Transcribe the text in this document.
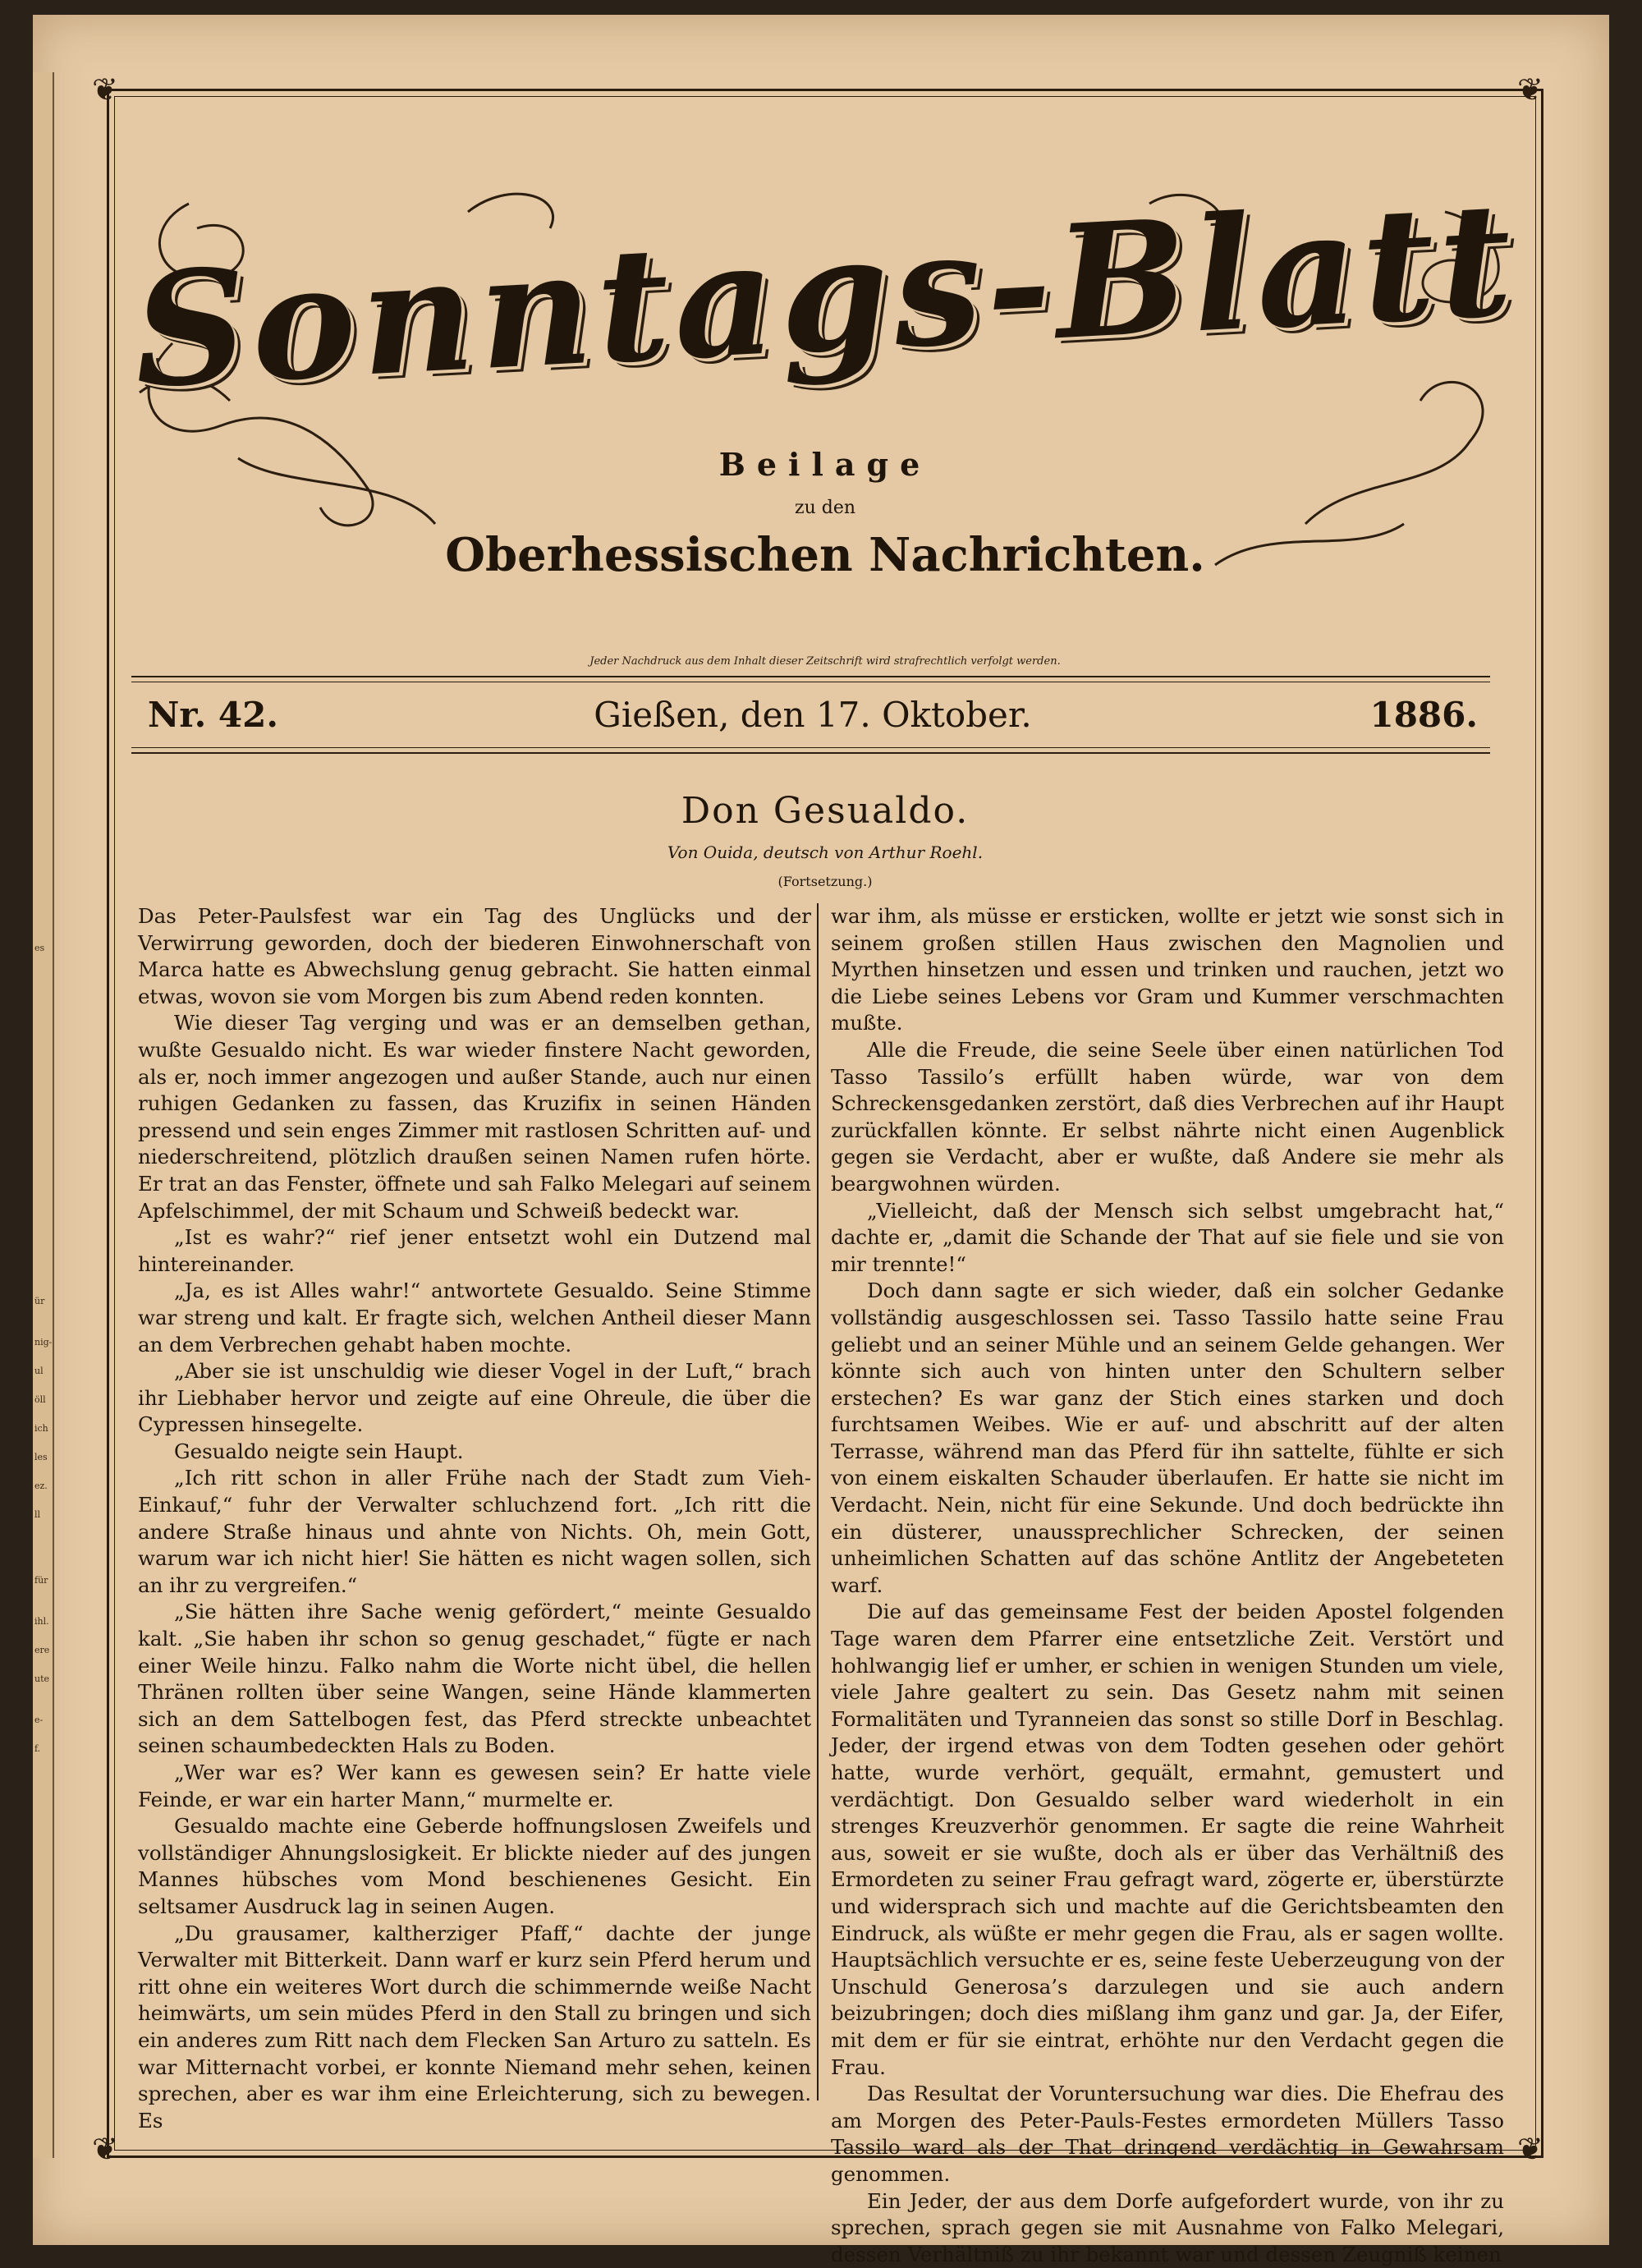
es
ür
nig-
ul
öll
ich
les
ez.
ll
für
ihl.
ere
ute
e-
f.
❦	❦
❦	❦
Sonntags-Blatt
Beilage
zu den
Oberhessischen Nachrichten.
Jeder Nachdruck aus dem Inhalt dieser Zeitschrift wird strafrechtlich verfolgt werden.
Nr. 42.	Gießen, den 17. Oktober.	1886.
Don Gesualdo.
Von Ouida, deutsch von Arthur Roehl.
(Fortsetzung.)

Das Peter-Paulsfest war ein Tag des Unglücks und der Verwirrung geworden, doch der biederen Einwohnerschaft von Marca hatte es Abwechslung genug gebracht. Sie hatten einmal etwas, wovon sie vom Morgen bis zum Abend reden konnten.

Wie dieser Tag verging und was er an demselben gethan, wußte Gesualdo nicht. Es war wieder finstere Nacht geworden, als er, noch immer angezogen und außer Stande, auch nur einen ruhigen Gedanken zu fassen, das Kruzifix in seinen Händen pressend und sein enges Zimmer mit rastlosen Schritten auf- und niederschreitend, plötzlich draußen seinen Namen rufen hörte. Er trat an das Fenster, öffnete und sah Falko Melegari auf seinem Apfelschimmel, der mit Schaum und Schweiß bedeckt war.

„Ist es wahr?“ rief jener entsetzt wohl ein Dutzend mal hintereinander.

„Ja, es ist Alles wahr!“ antwortete Gesualdo. Seine Stimme war streng und kalt. Er fragte sich, welchen Antheil dieser Mann an dem Verbrechen gehabt haben mochte.

„Aber sie ist unschuldig wie dieser Vogel in der Luft,“ brach ihr Liebhaber hervor und zeigte auf eine Ohreule, die über die Cypressen hinsegelte.

Gesualdo neigte sein Haupt.

„Ich ritt schon in aller Frühe nach der Stadt zum Vieh-Einkauf,“ fuhr der Verwalter schluchzend fort. „Ich ritt die andere Straße hinaus und ahnte von Nichts. Oh, mein Gott, warum war ich nicht hier! Sie hätten es nicht wagen sollen, sich an ihr zu vergreifen.“

„Sie hätten ihre Sache wenig gefördert,“ meinte Gesualdo kalt. „Sie haben ihr schon so genug geschadet,“ fügte er nach einer Weile hinzu. Falko nahm die Worte nicht übel, die hellen Thränen rollten über seine Wangen, seine Hände klammerten sich an dem Sattelbogen fest, das Pferd streckte unbeachtet seinen schaumbedeckten Hals zu Boden.

„Wer war es? Wer kann es gewesen sein? Er hatte viele Feinde, er war ein harter Mann,“ murmelte er.

Gesualdo machte eine Geberde hoffnungslosen Zweifels und vollständiger Ahnungslosigkeit. Er blickte nieder auf des jungen Mannes hübsches vom Mond beschienenes Gesicht. Ein seltsamer Ausdruck lag in seinen Augen.

„Du grausamer, kaltherziger Pfaff,“ dachte der junge Verwalter mit Bitterkeit. Dann warf er kurz sein Pferd herum und ritt ohne ein weiteres Wort durch die schimmernde weiße Nacht heimwärts, um sein müdes Pferd in den Stall zu bringen und sich ein anderes zum Ritt nach dem Flecken San Arturo zu satteln. Es war Mitternacht vorbei, er konnte Niemand mehr sehen, keinen sprechen, aber es war ihm eine Erleichterung, sich zu bewegen. Es

war ihm, als müsse er ersticken, wollte er jetzt wie sonst sich in seinem großen stillen Haus zwischen den Magnolien und Myrthen hinsetzen und essen und trinken und rauchen, jetzt wo die Liebe seines Lebens vor Gram und Kummer verschmachten mußte.

Alle die Freude, die seine Seele über einen natürlichen Tod Tasso Tassilo’s erfüllt haben würde, war von dem Schreckensgedanken zerstört, daß dies Verbrechen auf ihr Haupt zurückfallen könnte. Er selbst nährte nicht einen Augenblick gegen sie Verdacht, aber er wußte, daß Andere sie mehr als beargwohnen würden.

„Vielleicht, daß der Mensch sich selbst umgebracht hat,“ dachte er, „damit die Schande der That auf sie fiele und sie von mir trennte!“

Doch dann sagte er sich wieder, daß ein solcher Gedanke vollständig ausgeschlossen sei. Tasso Tassilo hatte seine Frau geliebt und an seiner Mühle und an seinem Gelde gehangen. Wer könnte sich auch von hinten unter den Schultern selber erstechen? Es war ganz der Stich eines starken und doch furchtsamen Weibes. Wie er auf- und abschritt auf der alten Terrasse, während man das Pferd für ihn sattelte, fühlte er sich von einem eiskalten Schauder überlaufen. Er hatte sie nicht im Verdacht. Nein, nicht für eine Sekunde. Und doch bedrückte ihn ein düsterer, unaussprechlicher Schrecken, der seinen unheimlichen Schatten auf das schöne Antlitz der Angebeteten warf.

Die auf das gemeinsame Fest der beiden Apostel folgenden Tage waren dem Pfarrer eine entsetzliche Zeit. Verstört und hohlwangig lief er umher, er schien in wenigen Stunden um viele, viele Jahre gealtert zu sein. Das Gesetz nahm mit seinen Formalitäten und Tyranneien das sonst so stille Dorf in Beschlag. Jeder, der irgend etwas von dem Todten gesehen oder gehört hatte, wurde verhört, gequält, ermahnt, gemustert und verdächtigt. Don Gesualdo selber ward wiederholt in ein strenges Kreuzverhör genommen. Er sagte die reine Wahrheit aus, soweit er sie wußte, doch als er über das Verhältniß des Ermordeten zu seiner Frau gefragt ward, zögerte er, überstürzte und widersprach sich und machte auf die Gerichtsbeamten den Eindruck, als wüßte er mehr gegen die Frau, als er sagen wollte. Hauptsächlich versuchte er es, seine feste Ueberzeugung von der Unschuld Generosa’s darzulegen und sie auch andern beizubringen; doch dies mißlang ihm ganz und gar. Ja, der Eifer, mit dem er für sie eintrat, erhöhte nur den Verdacht gegen die Frau.

Das Resultat der Voruntersuchung war dies. Die Ehefrau des am Morgen des Peter-Pauls-Festes ermordeten Müllers Tasso Tassilo ward als der That dringend verdächtig in Gewahrsam genommen.

Ein Jeder, der aus dem Dorfe aufgefordert wurde, von ihr zu sprechen, sprach gegen sie mit Ausnahme von Falko Melegari, dessen Verhältniß zu ihr bekannt war und dessen Zeugniß keinen
